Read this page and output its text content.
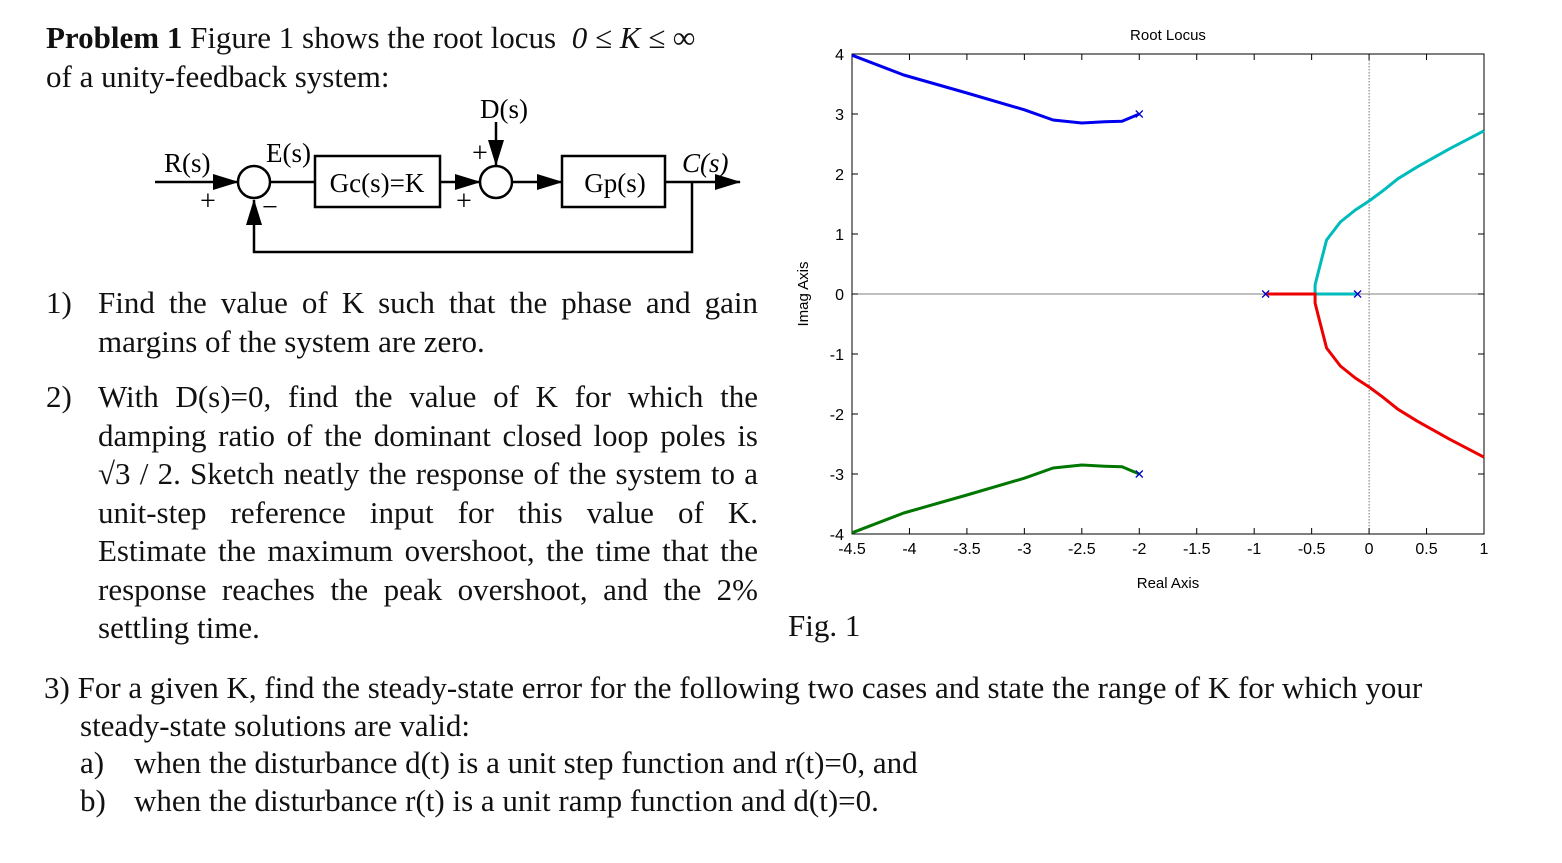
Problem 1 Figure 1 shows the root locus 0 ≤ K ≤ ∞
of a unity-feedback system:
R(s) E(s)
D(s)
C(s)
Gc(s)=K	Gp(s)
+ −
+
+
1) Find the value of K such that the phase and gain margins of the system are zero.
2) With D(s)=0, find the value of K for which the damping ratio of the dominant closed loop poles is √3 / 2. Sketch neatly the response of the system to a unit-step reference input for this value of K. Estimate the maximum overshoot, the time that the response reaches the peak overshoot, and the 2% settling time.	Fig. 1
-4.5 -4 -3.5 -3 -2.5 -2 -1.5 -1 -0.5 0	0.5	1
-4
-3
-2
-1
0
1
2
3
4
Root Locus
Real Axis
Imag Axis
3) For a given K, find the steady-state error for the following two cases and state the range of K for which your
steady-state solutions are valid:
a) when the disturbance d(t) is a unit step function and r(t)=0, and
b) when the disturbance r(t) is a unit ramp function and d(t)=0.
